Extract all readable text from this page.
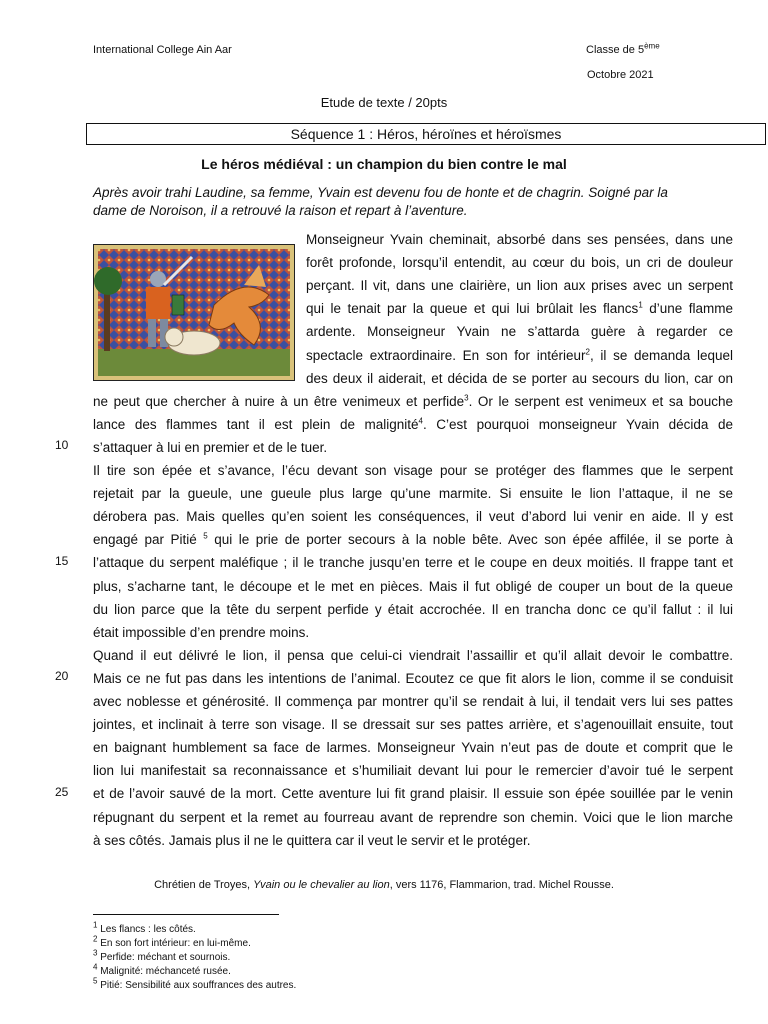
International College Ain Aar	Classe de 5ème
Octobre 2021
Etude de texte / 20pts
Séquence 1 : Héros, héroïnes et héroïsmes
Le héros médiéval : un champion du bien contre le mal
Après avoir trahi Laudine, sa femme, Yvain est devenu fou de honte et de chagrin. Soigné par la
dame de Noroison, il a retrouvé la raison et repart à l’aventure.
Monseigneur Yvain cheminait, absorbé dans ses pensées, dans une
forêt profonde, lorsqu’il entendit, au cœur du bois, un cri de douleur
perçant. Il vit, dans une clairière, un lion aux prises avec un serpent
qui le tenait par la queue et qui lui brûlait les flancs$^1$ d’une flamme
ardente. Monseigneur Yvain ne s’attarda guère à regarder ce
spectacle extraordinaire. En son for intérieur$^2$, il se demanda lequel
des deux il aiderait, et décida de se porter au secours du lion, car on
ne peut que chercher à nuire à un être venimeux et perfide$^3$. Or le serpent est venimeux et sa bouche
lance des flammes tant il est plein de malignité$^4$. C’est pourquoi monseigneur Yvain décida de
s’attaquer à lui en premier et de le tuer.
Il tire son épée et s’avance, l’écu devant son visage pour se protéger des flammes que le serpent
rejetait par la gueule, une gueule plus large qu’une marmite. Si ensuite le lion l’attaque, il ne se
dérobera pas. Mais quelles qu’en soient les conséquences, il veut d’abord lui venir en aide. Il y est
engagé par Pitié $^5$ qui le prie de porter secours à la noble bête. Avec son épée affilée, il se porte à
l’attaque du serpent maléfique ; il le tranche jusqu’en terre et le coupe en deux moitiés. Il frappe tant et
plus, s’acharne tant, le découpe et le met en pièces. Mais il fut obligé de couper un bout de la queue
du lion parce que la tête du serpent perfide y était accrochée. Il en trancha donc ce qu’il fallut : il lui
était impossible d’en prendre moins.
Quand il eut délivré le lion, il pensa que celui-ci viendrait l’assaillir et qu’il allait devoir le combattre.
Mais ce ne fut pas dans les intentions de l’animal. Ecoutez ce que fit alors le lion, comme il se conduisit
avec noblesse et générosité. Il commença par montrer qu’il se rendait à lui, il tendait vers lui ses pattes
jointes, et inclinait à terre son visage. Il se dressait sur ses pattes arrière, et s’agenouillait ensuite, tout
en baignant humblement sa face de larmes. Monseigneur Yvain n’eut pas de doute et comprit que le
lion lui manifestait sa reconnaissance et s’humiliait devant lui pour le remercier d’avoir tué le serpent
et de l’avoir sauvé de la mort. Cette aventure lui fit grand plaisir. Il essuie son épée souillée par le venin
répugnant du serpent et la remet au fourreau avant de reprendre son chemin. Voici que le lion marche
à ses côtés. Jamais plus il ne le quittera car il veut le servir et le protéger.
10
15
20
25
Chrétien de Troyes, Yvain ou le chevalier au lion, vers 1176, Flammarion, trad. Michel Rousse.
$^1$ Les flancs : les côtés.
$^2$ En son fort intérieur: en lui-même.
$^3$ Perfide: méchant et sournois.
$^4$ Malignité: méchanceté rusée.
$^5$ Pitié: Sensibilité aux souffrances des autres.
